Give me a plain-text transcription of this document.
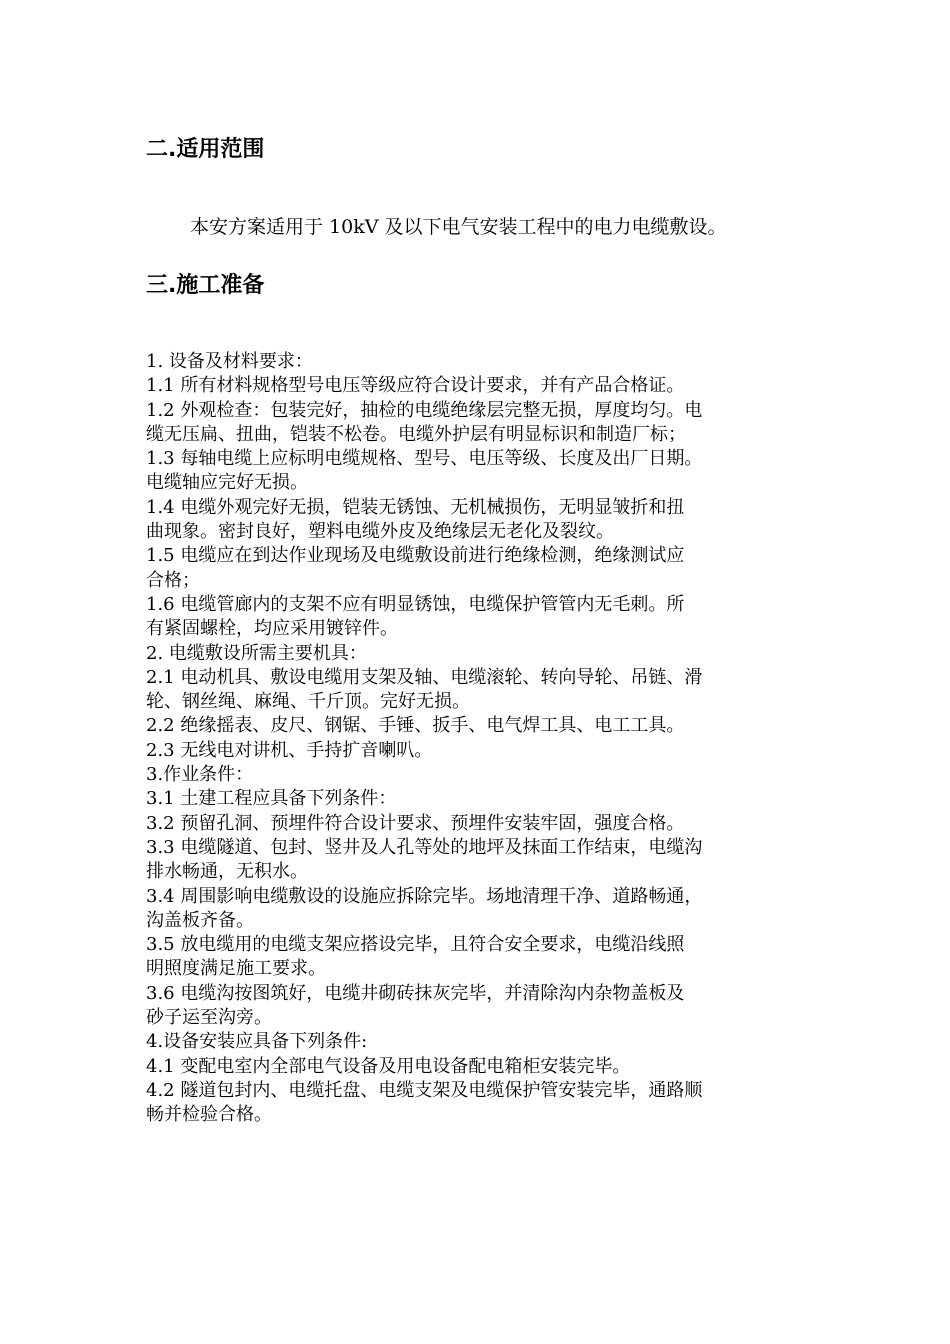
二.适用范围
本安方案适用于 10kV 及以下电气安装工程中的电力电缆敷设。
三.施工准备
1. 设备及材料要求：
1.1 所有材料规格型号电压等级应符合设计要求，并有产品合格证。
1.2 外观检查：包装完好，抽检的电缆绝缘层完整无损，厚度均匀。电
缆无压扁、扭曲，铠装不松卷。电缆外护层有明显标识和制造厂标；
1.3 每轴电缆上应标明电缆规格、型号、电压等级、长度及出厂日期。
电缆轴应完好无损。
1.4 电缆外观完好无损，铠装无锈蚀、无机械损伤，无明显皱折和扭
曲现象。密封良好，塑料电缆外皮及绝缘层无老化及裂纹。
1.5 电缆应在到达作业现场及电缆敷设前进行绝缘检测，绝缘测试应
合格；
1.6 电缆管廊内的支架不应有明显锈蚀，电缆保护管管内无毛刺。所
有紧固螺栓，均应采用镀锌件。
2. 电缆敷设所需主要机具：
2.1 电动机具、敷设电缆用支架及轴、电缆滚轮、转向导轮、吊链、滑
轮、钢丝绳、麻绳、千斤顶。完好无损。
2.2 绝缘摇表、皮尺、钢锯、手锤、扳手、电气焊工具、电工工具。
2.3 无线电对讲机、手持扩音喇叭。
3.作业条件：
3.1 土建工程应具备下列条件：
3.2 预留孔洞、预埋件符合设计要求、预埋件安装牢固，强度合格。
3.3 电缆隧道、包封、竖井及人孔等处的地坪及抹面工作结束，电缆沟
排水畅通，无积水。
3.4 周围影响电缆敷设的设施应拆除完毕。场地清理干净、道路畅通，
沟盖板齐备。
3.5 放电缆用的电缆支架应搭设完毕，且符合安全要求，电缆沿线照
明照度满足施工要求。
3.6 电缆沟按图筑好，电缆井砌砖抹灰完毕，并清除沟内杂物盖板及
砂子运至沟旁。
4.设备安装应具备下列条件:
4.1 变配电室内全部电气设备及用电设备配电箱柜安装完毕。
4.2 隧道包封内、电缆托盘、电缆支架及电缆保护管安装完毕，通路顺
畅并检验合格。
